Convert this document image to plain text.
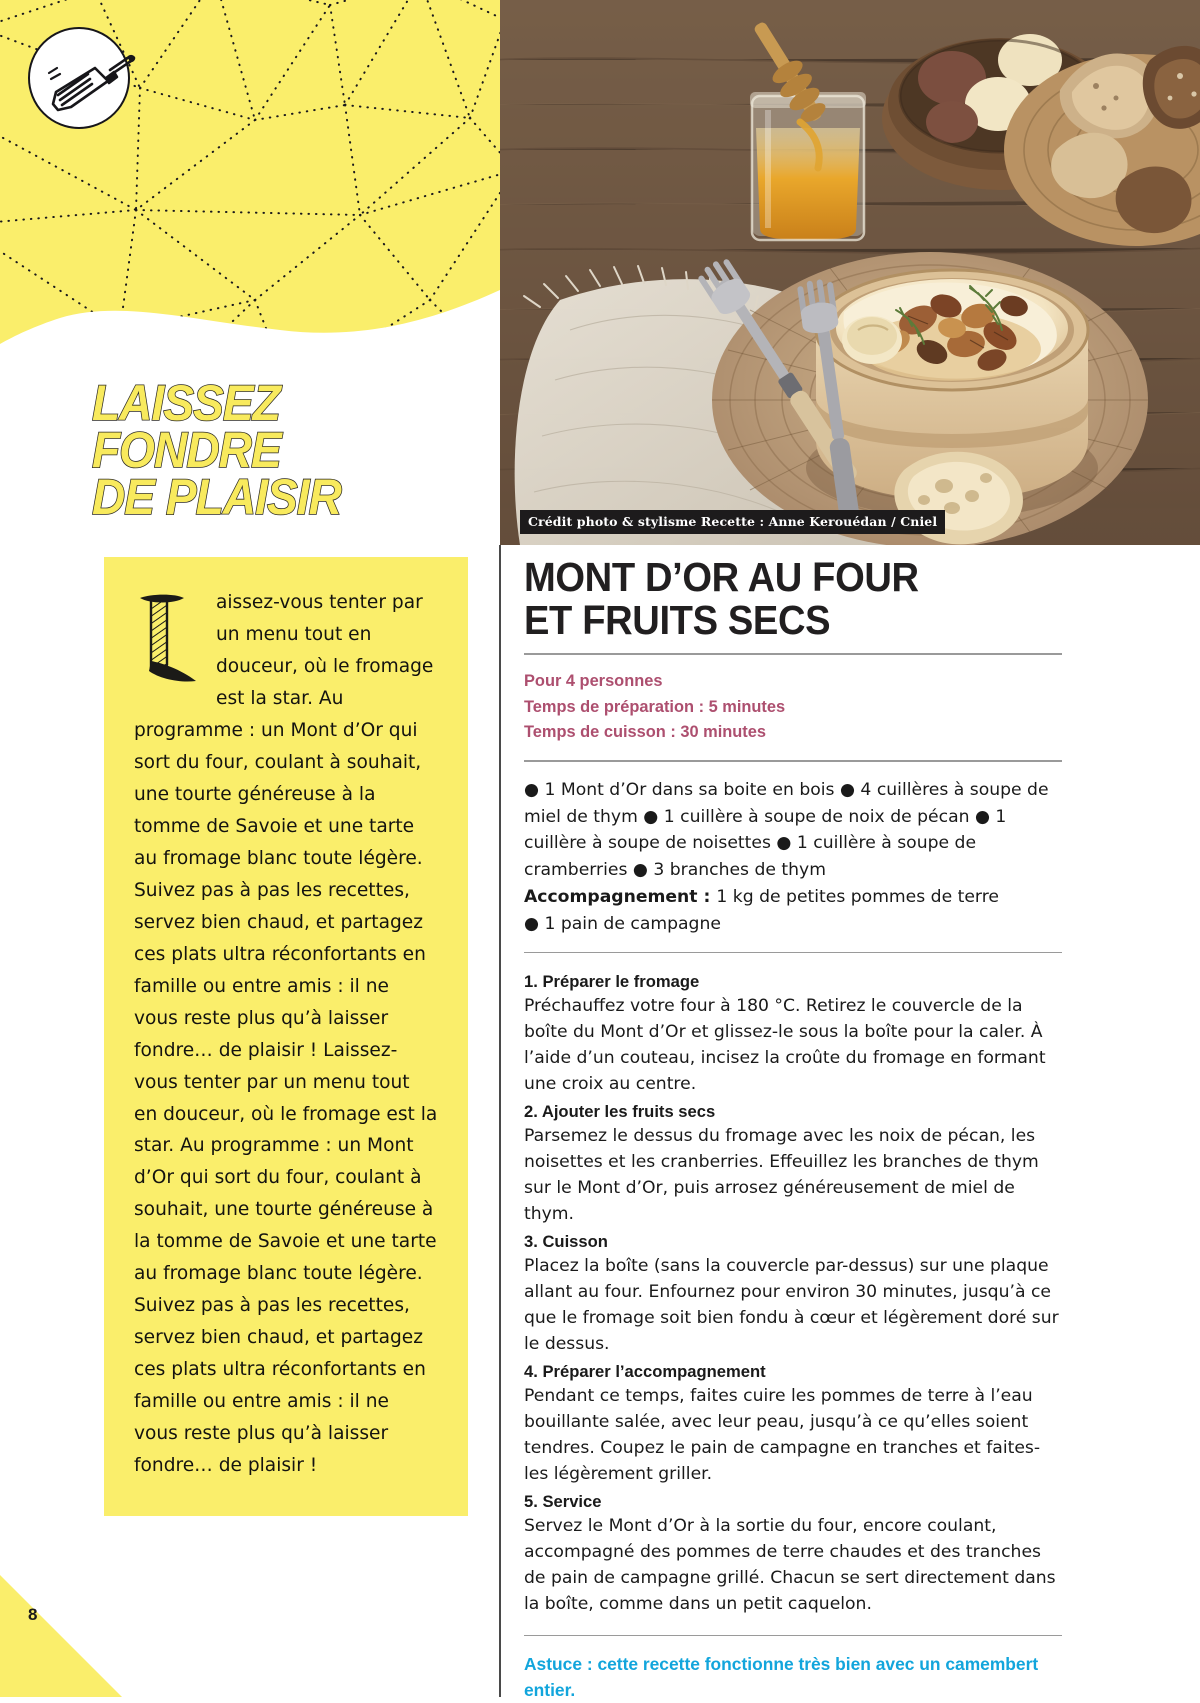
Crédit photo & stylisme Recette : Anne Kerouédan / Cniel
LAISSEZ FONDRE
DE PLAISIR
aissez-vous tenter par un menu tout en douceur, où le fromage est la star. Au programme : un Mont d’Or qui sort du four, coulant à souhait, une tourte généreuse à la tomme de Savoie et une tarte au fromage blanc toute légère. Suivez pas à pas les recettes, servez bien chaud, et partagez ces plats ultra réconfortants en famille ou entre amis : il ne vous reste plus qu’à laisser fondre… de plaisir ! Laissez-vous tenter par un menu tout en douceur, où le fromage est la star. Au programme : un Mont d’Or qui sort du four, coulant à souhait, une tourte généreuse à la tomme de Savoie et une tarte au fromage blanc toute légère. Suivez pas à pas les recettes, servez bien chaud, et partagez ces plats ultra réconfortants en famille ou entre amis : il ne vous reste plus qu’à laisser fondre… de plaisir !
8
MONT D’OR AU FOUR
ET FRUITS SECS
Pour 4 personnes
Temps de préparation : 5 minutes
Temps de cuisson : 30 minutes
● 1 Mont d’Or dans sa boite en bois ● 4 cuillères à soupe de miel de thym ● 1 cuillère à soupe de noix de pécan ● 1 cuillère à soupe de noisettes ● 1 cuillère à soupe de cramberries ● 3 branches de thym
Accompagnement : 1 kg de petites pommes de terre
● 1 pain de campagne
1. Préparer le fromage
Préchauffez votre four à 180 °C. Retirez le couvercle de la boîte du Mont d’Or et glissez-le sous la boîte pour la caler. À l’aide d’un couteau, incisez la croûte du fromage en formant une croix au centre.
2. Ajouter les fruits secs
Parsemez le dessus du fromage avec les noix de pécan, les noisettes et les cranberries. Effeuillez les branches de thym sur le Mont d’Or, puis arrosez généreusement de miel de thym.
3. Cuisson
Placez la boîte (sans la couvercle par-dessus) sur une plaque allant au four. Enfournez pour environ 30 minutes, jusqu’à ce que le fromage soit bien fondu à cœur et légèrement doré sur le dessus.
4. Préparer l’accompagnement
Pendant ce temps, faites cuire les pommes de terre à l’eau bouillante salée, avec leur peau, jusqu’à ce qu’elles soient tendres. Coupez le pain de campagne en tranches et faites-les légèrement griller.
5. Service
Servez le Mont d’Or à la sortie du four, encore coulant, accompagné des pommes de terre chaudes et des tranches de pain de campagne grillé. Chacun se sert directement dans la boîte, comme dans un petit caquelon.
Astuce : cette recette fonctionne très bien avec un camembert entier.
